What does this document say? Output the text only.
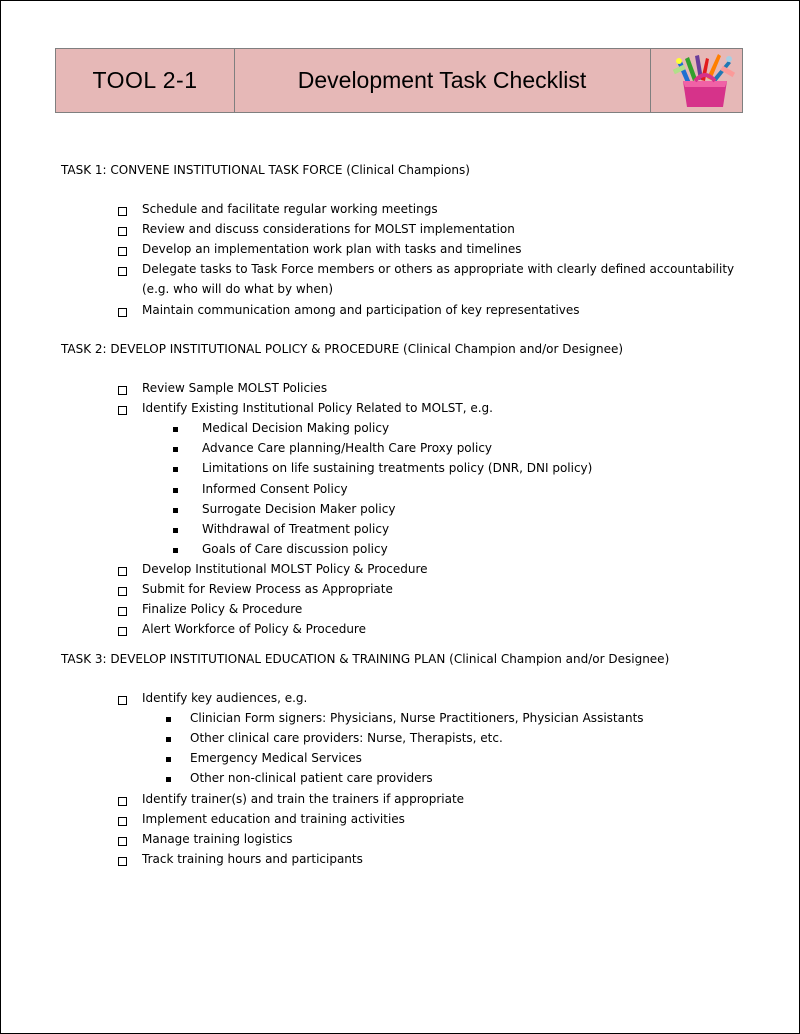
TOOL 2-1	Development Task Checklist
TASK 1: CONVENE INSTITUTIONAL TASK FORCE (Clinical Champions)
Schedule and facilitate regular working meetings
Review and discuss considerations for MOLST implementation
Develop an implementation work plan with tasks and timelines
Delegate tasks to Task Force members or others as appropriate with clearly defined accountability
(e.g. who will do what by when)
Maintain communication among and participation of key representatives
TASK 2: DEVELOP INSTITUTIONAL POLICY & PROCEDURE (Clinical Champion and/or Designee)
Review Sample MOLST Policies
Identify Existing Institutional Policy Related to MOLST, e.g.
Medical Decision Making policy
Advance Care planning/Health Care Proxy policy
Limitations on life sustaining treatments policy (DNR, DNI policy)
Informed Consent Policy
Surrogate Decision Maker policy
Withdrawal of Treatment policy
Goals of Care discussion policy
Develop Institutional MOLST Policy & Procedure
Submit for Review Process as Appropriate
Finalize Policy & Procedure
Alert Workforce of Policy & Procedure
TASK 3: DEVELOP INSTITUTIONAL EDUCATION & TRAINING PLAN (Clinical Champion and/or Designee)
Identify key audiences, e.g.
Clinician Form signers: Physicians, Nurse Practitioners, Physician Assistants
Other clinical care providers: Nurse, Therapists, etc.
Emergency Medical Services
Other non-clinical patient care providers
Identify trainer(s) and train the trainers if appropriate
Implement education and training activities
Manage training logistics
Track training hours and participants
